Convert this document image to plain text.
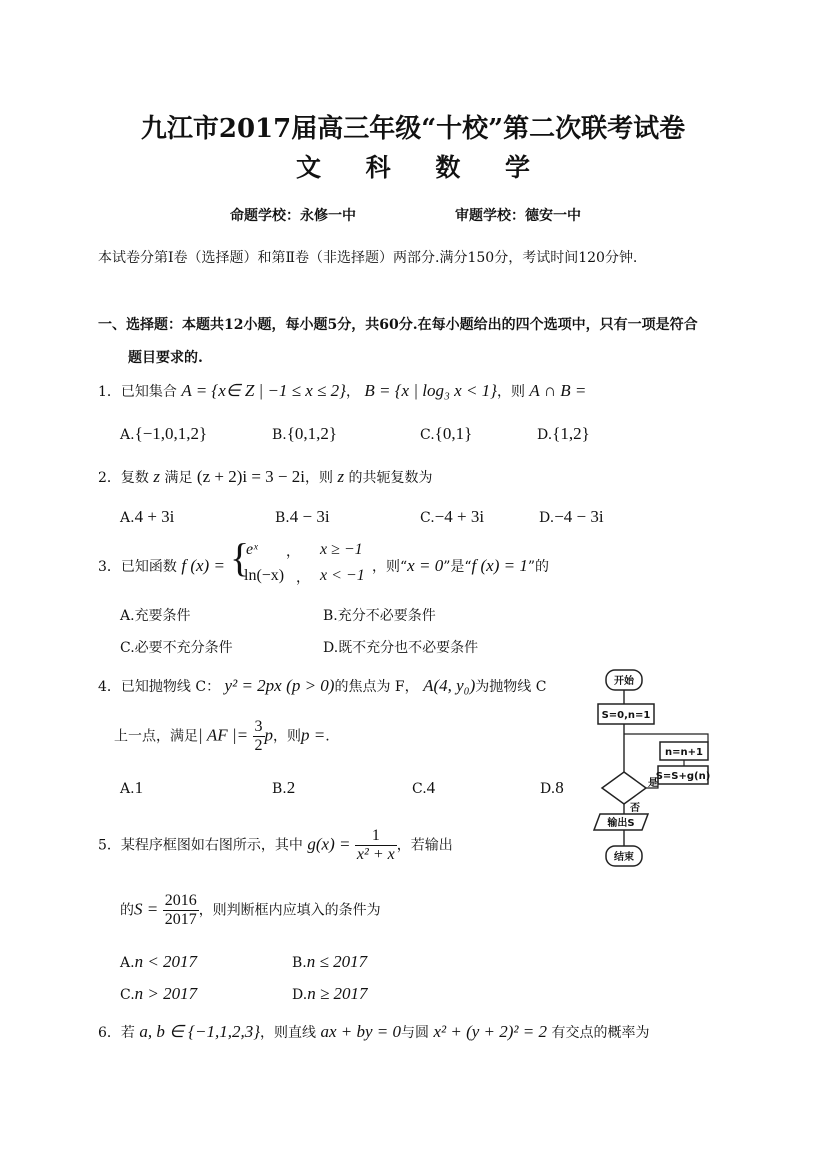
九江市2017届高三年级“十校”第二次联考试卷
文 科 数 学
命题学校：永修一中	审题学校：德安一中
本试卷分第Ⅰ卷（选择题）和第Ⅱ卷（非选择题）两部分.满分150分，考试时间120分钟.
一、选择题：本题共12小题，每小题5分，共60分.在每小题给出的四个选项中，只有一项是符合
题目要求的.
1．已知集合 A = {x∈ Z | −1 ≤ x ≤ 2}， B = {x | log₃ x < 1}，则 A ∩ B =
A.{−1,0,1,2}	B.{0,1,2}	C.{0,1}	D.{1,2}
2．复数 z 满足 (z + 2)i = 3 − 2i，则 z 的共轭复数为
A.4 + 3i	B.4 − 3i	C.−4 + 3i	D.−4 − 3i
3．已知函数 f (x) = {
eˣ ， x ≥ −1
ln(−x) ， x < −1 ，则“x = 0”是“f (x) = 1”的
A.充要条件	B.充分不必要条件
C.必要不充分条件	D.既不充分也不必要条件
4．已知抛物线 C： y² = 2px (p > 0)的焦点为 F， A(4, y₀)为抛物线 C
上一点，满足| AF |= $\frac{3}{2}$ p，则p =.
A.1	B.2	C.4	D.8
5．某程序框图如右图所示，其中 $g(x) = \frac{1}{\text{x² + x}}$ ，若输出
的$S = \frac{2016}{2017}$ ，则判断框内应填入的条件为
A.n < 2017	B.n ≤ 2017
C.n > 2017	D.n ≥ 2017
6．若 a, b ∈ {−1,1,2,3}，则直线 ax + by = 0与圆 x² + (y + 2)² = 2 有交点的概率为
开始
S=0,n=1
n=n+1
S=S+g(n)
是
否
输出S
结束
